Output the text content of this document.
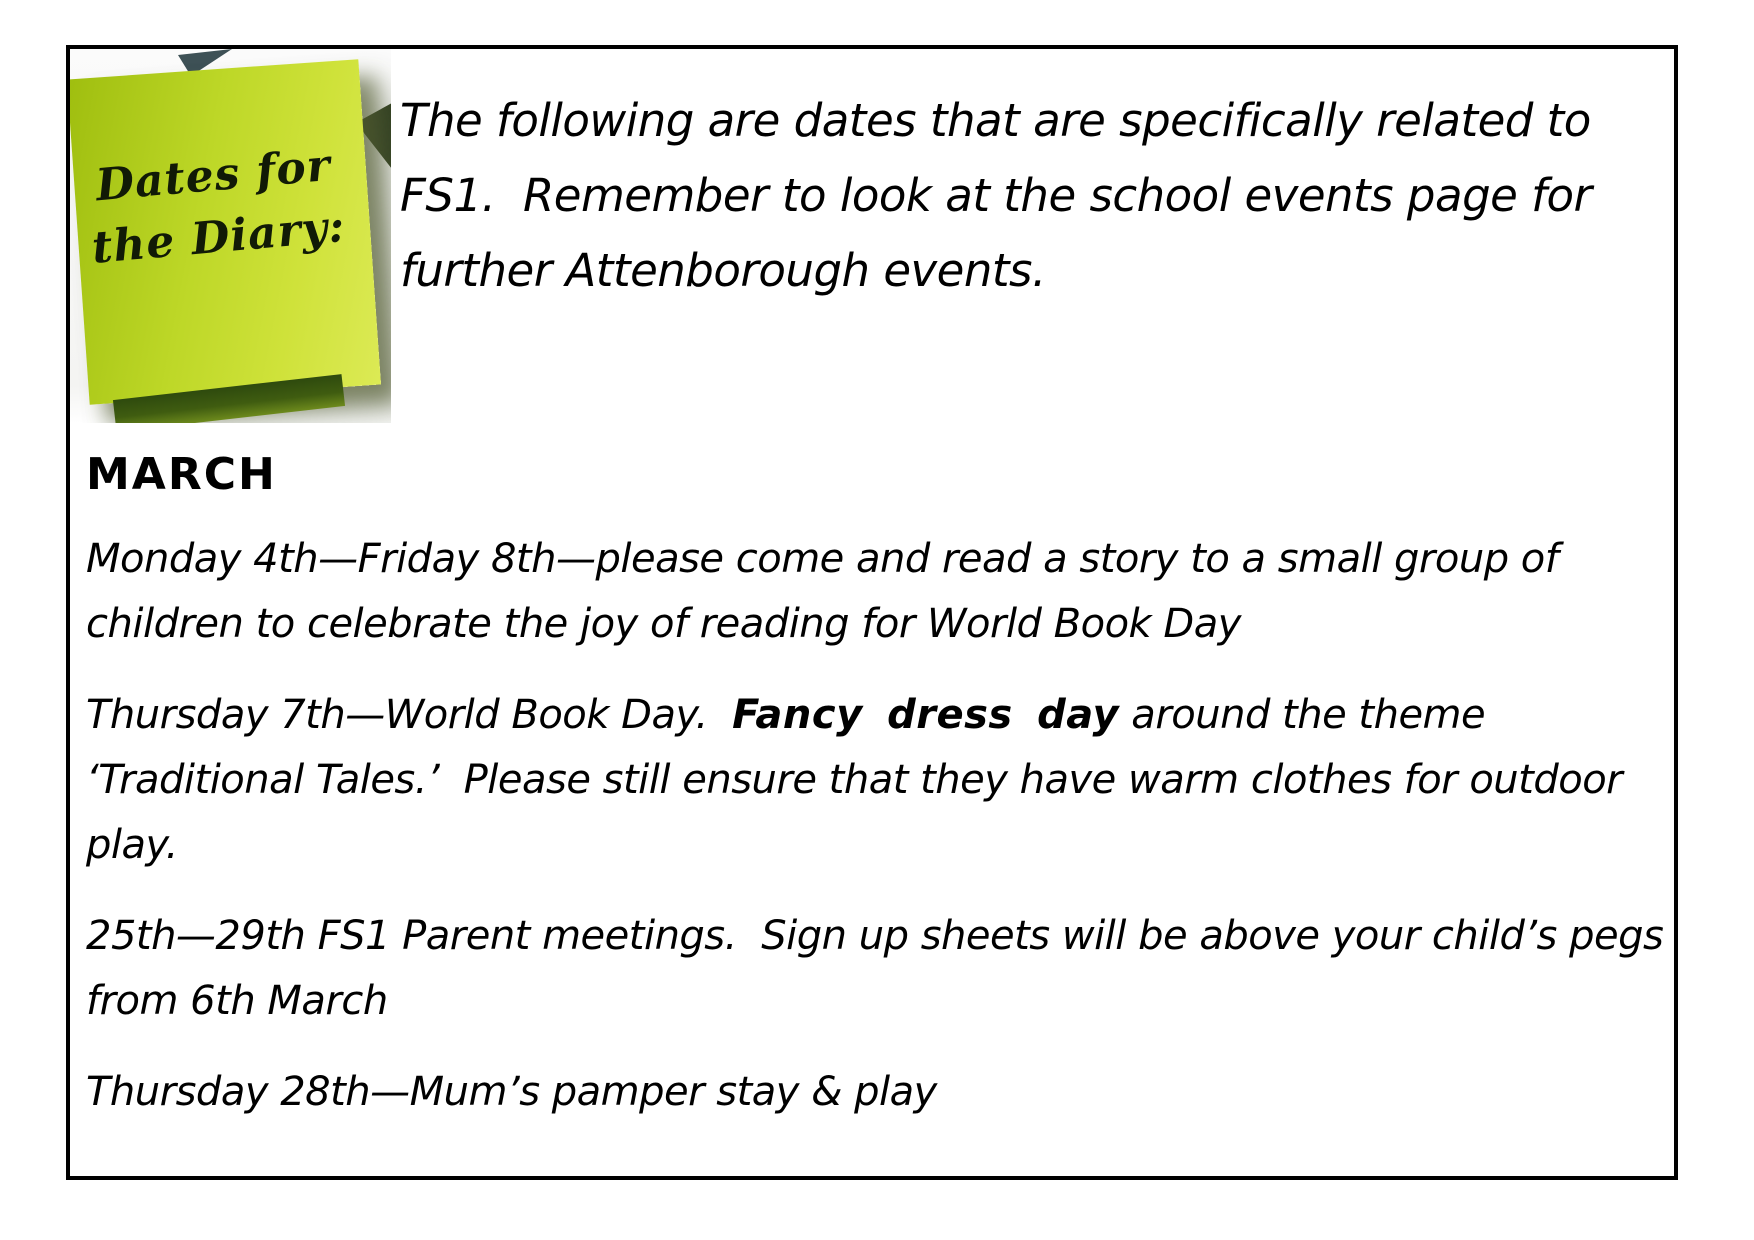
Dates for
the Diary:
The following are dates that are specifically related to
FS1.  Remember to look at the school events page for
further Attenborough events.
MARCH
Monday 4th—Friday 8th—please come and read a story to a small group of
children to celebrate the joy of reading for World Book Day
Thursday 7th—World Book Day.  Fancy dress day around the theme
‘Traditional Tales.’  Please still ensure that they have warm clothes for outdoor
play.
25th—29th FS1 Parent meetings.  Sign up sheets will be above your child’s pegs
from 6th March
Thursday 28th—Mum’s pamper stay & play
